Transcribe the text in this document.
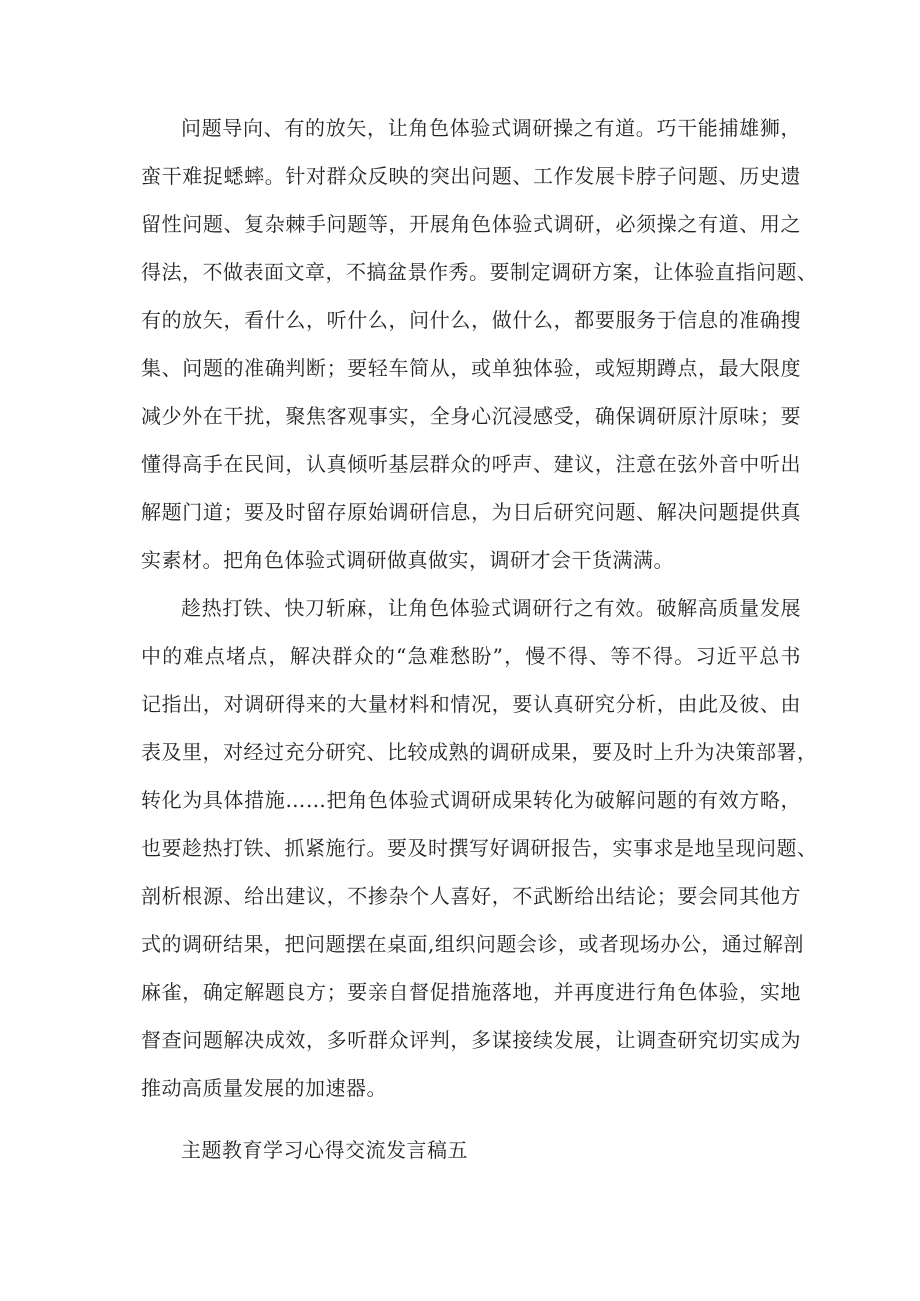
问题导向、有的放矢，让角色体验式调研操之有道。巧干能捕雄狮，
蛮干难捉蟋蟀。针对群众反映的突出问题、工作发展卡脖子问题、历史遗
留性问题、复杂棘手问题等，开展角色体验式调研，必须操之有道、用之
得法，不做表面文章，不搞盆景作秀。要制定调研方案，让体验直指问题、
有的放矢，看什么，听什么，问什么，做什么，都要服务于信息的准确搜
集、问题的准确判断；要轻车简从，或单独体验，或短期蹲点，最大限度
减少外在干扰，聚焦客观事实，全身心沉浸感受，确保调研原汁原味；要
懂得高手在民间，认真倾听基层群众的呼声、建议，注意在弦外音中听出
解题门道；要及时留存原始调研信息，为日后研究问题、解决问题提供真
实素材。把角色体验式调研做真做实，调研才会干货满满。
趁热打铁、快刀斩麻，让角色体验式调研行之有效。破解高质量发展
中的难点堵点，解决群众的“急难愁盼”，慢不得、等不得。习近平总书
记指出，对调研得来的大量材料和情况，要认真研究分析，由此及彼、由
表及里，对经过充分研究、比较成熟的调研成果，要及时上升为决策部署，
转化为具体措施……把角色体验式调研成果转化为破解问题的有效方略，
也要趁热打铁、抓紧施行。要及时撰写好调研报告，实事求是地呈现问题、
剖析根源、给出建议，不掺杂个人喜好，不武断给出结论；要会同其他方
式的调研结果，把问题摆在桌面,组织问题会诊，或者现场办公，通过解剖
麻雀，确定解题良方；要亲自督促措施落地，并再度进行角色体验，实地
督查问题解决成效，多听群众评判，多谋接续发展，让调查研究切实成为
推动高质量发展的加速器。
主题教育学习心得交流发言稿五
